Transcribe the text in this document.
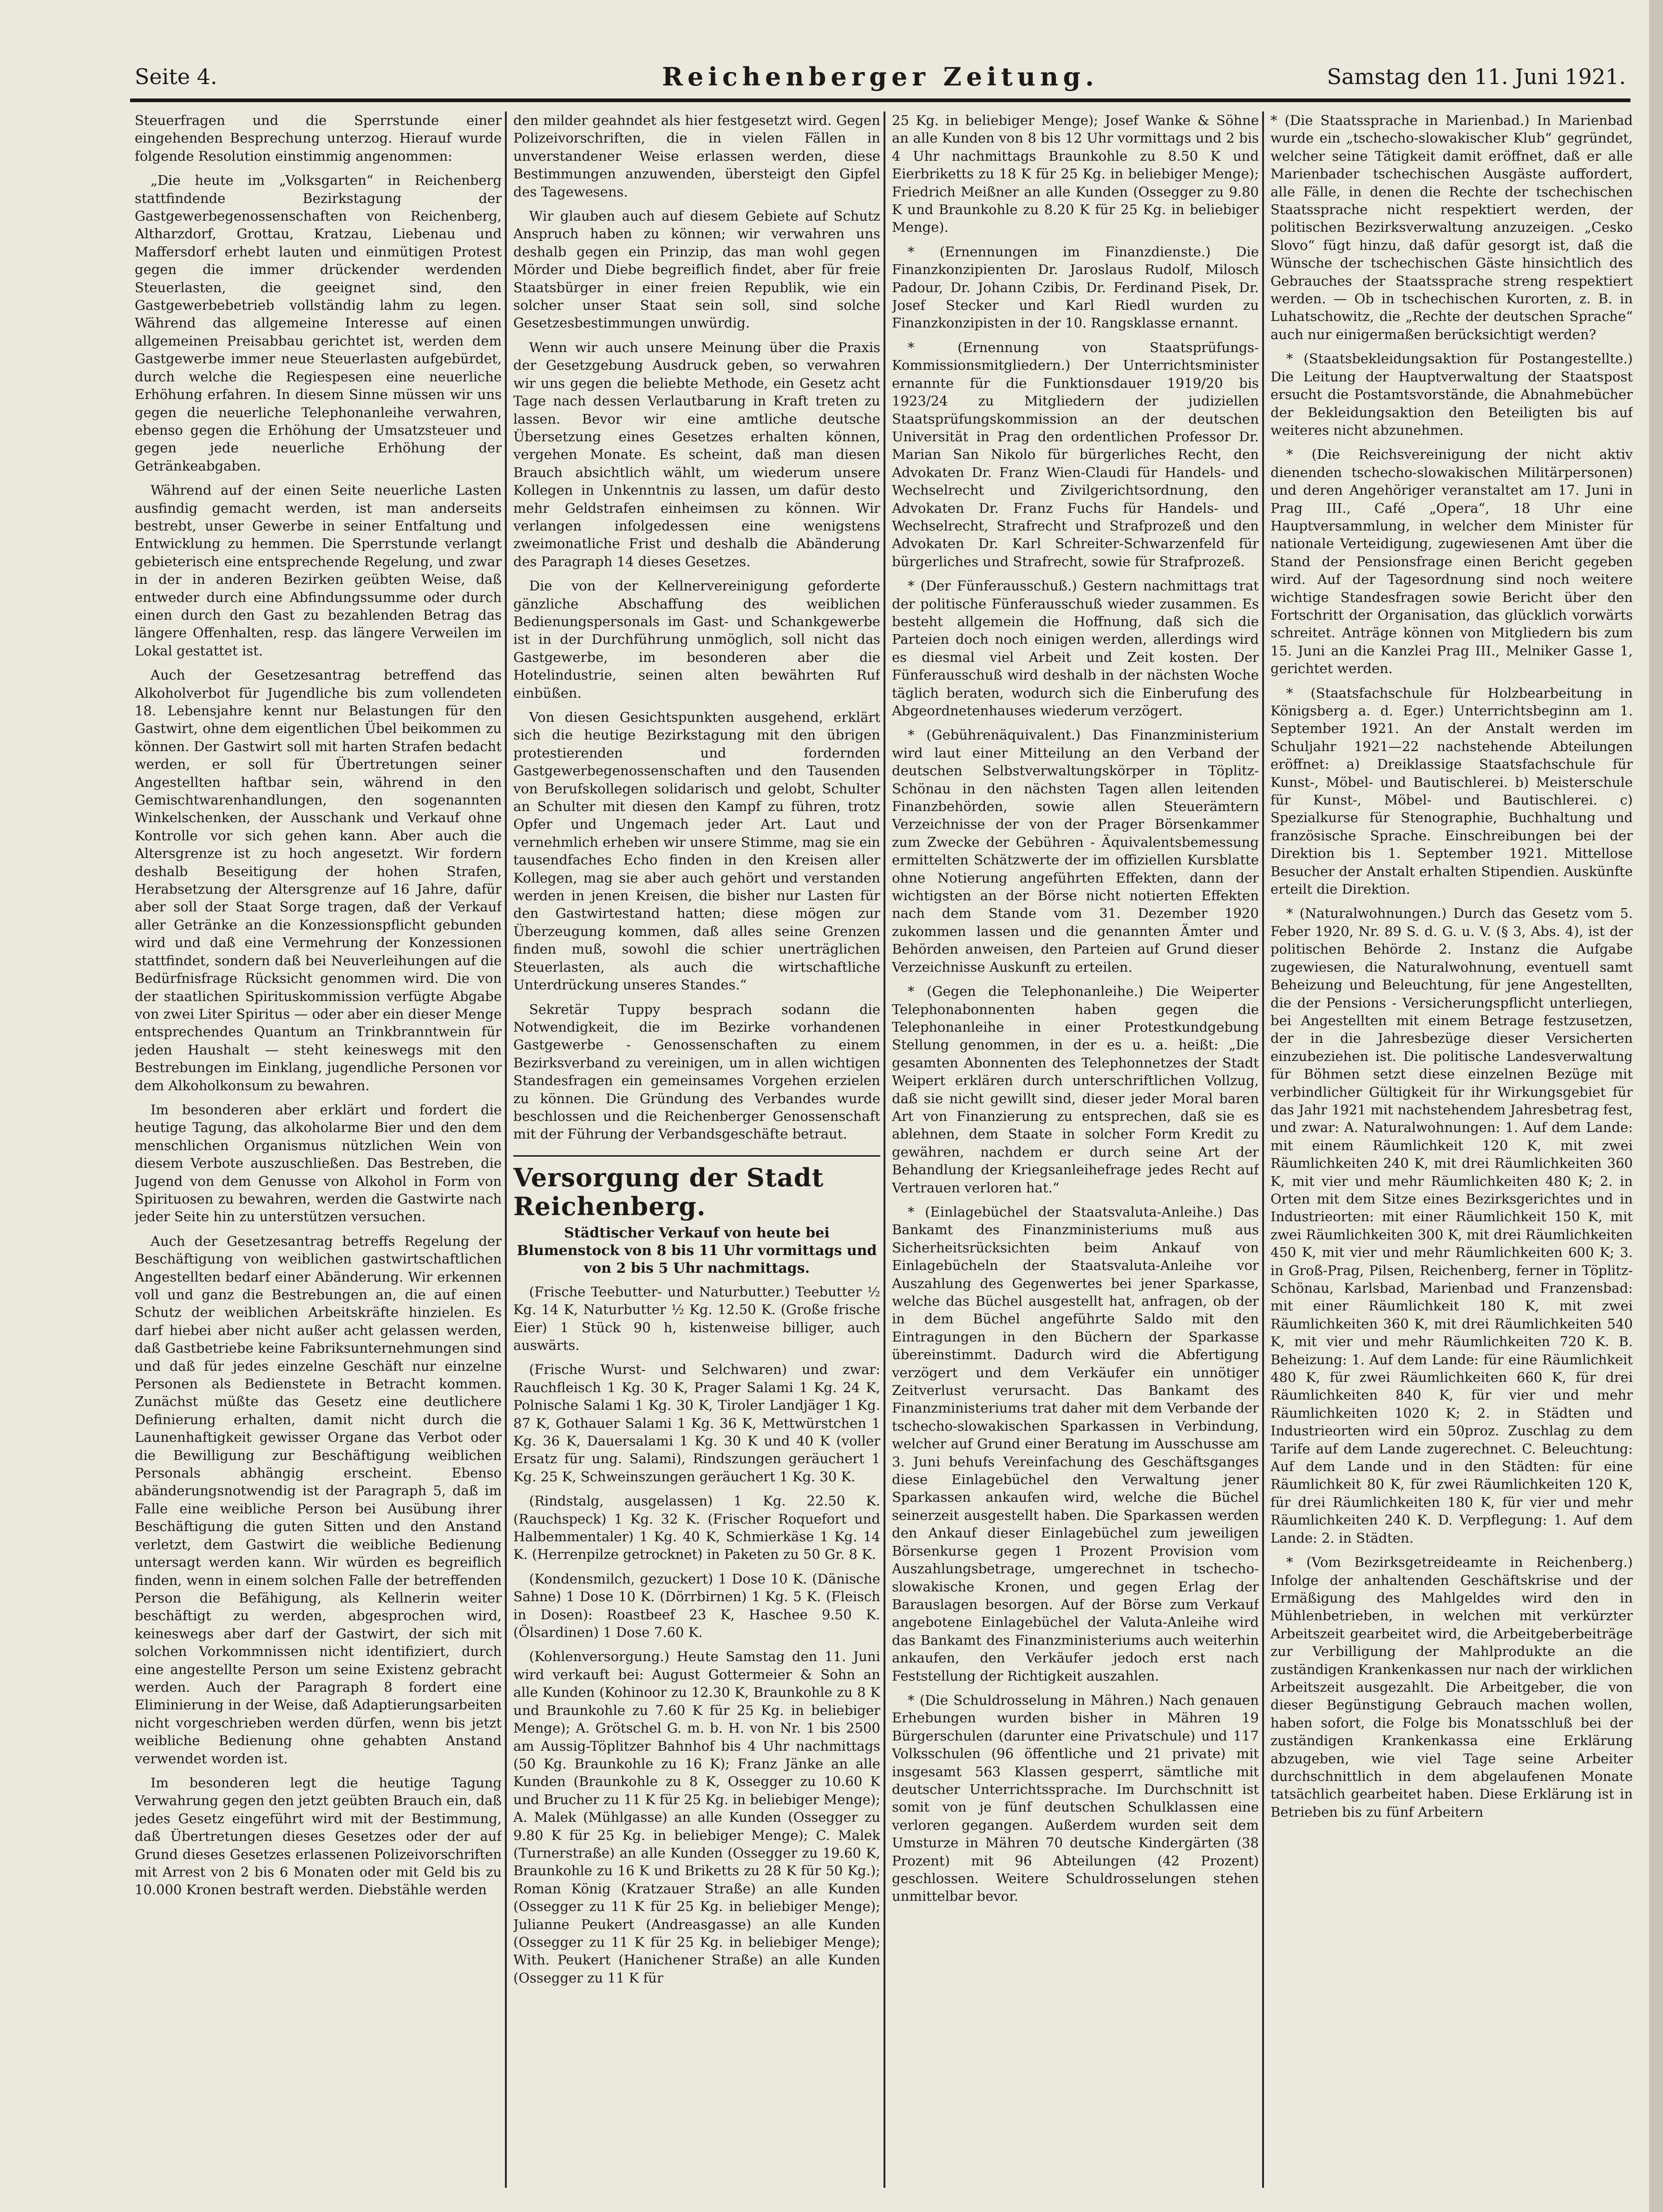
Seite 4.	Reichenberger Zeitung.	Samstag den 11. Juni 1921.

Steuerfragen und die Sperrstunde einer eingehenden Besprechung unterzog. Hierauf wurde folgende Resolution einstimmig angenommen:

„Die heute im „Volksgarten“ in Reichenberg stattfindende Bezirkstagung der Gastgewerbegenossenschaften von Reichenberg, Altharzdorf, Grottau, Kratzau, Liebenau und Maffersdorf erhebt lauten und einmütigen Protest gegen die immer drückender werdenden Steuerlasten, die geeignet sind, den Gastgewerbebetrieb vollständig lahm zu legen. Während das allgemeine Interesse auf einen allgemeinen Preisabbau gerichtet ist, werden dem Gastgewerbe immer neue Steuerlasten aufgebürdet, durch welche die Regiespesen eine neuerliche Erhöhung erfahren. In diesem Sinne müssen wir uns gegen die neuerliche Telephonanleihe verwahren, ebenso gegen die Erhöhung der Umsatzsteuer und gegen jede neuerliche Erhöhung der Getränkeabgaben.

Während auf der einen Seite neuerliche Lasten ausfindig gemacht werden, ist man anderseits bestrebt, unser Gewerbe in seiner Entfaltung und Entwicklung zu hemmen. Die Sperrstunde verlangt gebieterisch eine entsprechende Regelung, und zwar in der in anderen Bezirken geübten Weise, daß entweder durch eine Abfindungssumme oder durch einen durch den Gast zu bezahlenden Betrag das längere Offenhalten, resp. das längere Verweilen im Lokal gestattet ist.

Auch der Gesetzesantrag betreffend das Alkoholverbot für Jugendliche bis zum vollendeten 18. Lebensjahre kennt nur Belastungen für den Gastwirt, ohne dem eigentlichen Übel beikommen zu können. Der Gastwirt soll mit harten Strafen bedacht werden, er soll für Übertretungen seiner Angestellten haftbar sein, während in den Gemischtwarenhandlungen, den sogenannten Winkelschenken, der Ausschank und Verkauf ohne Kontrolle vor sich gehen kann. Aber auch die Altersgrenze ist zu hoch angesetzt. Wir fordern deshalb Beseitigung der hohen Strafen, Herabsetzung der Altersgrenze auf 16 Jahre, dafür aber soll der Staat Sorge tragen, daß der Verkauf aller Getränke an die Konzessionspflicht gebunden wird und daß eine Vermehrung der Konzessionen stattfindet, sondern daß bei Neuverleihungen auf die Bedürfnisfrage Rücksicht genommen wird. Die von der staatlichen Spirituskommission verfügte Abgabe von zwei Liter Spiritus — oder aber ein dieser Menge entsprechendes Quantum an Trinkbranntwein für jeden Haushalt — steht keineswegs mit den Bestrebungen im Einklang, jugendliche Personen vor dem Alkoholkonsum zu bewahren.

Im besonderen aber erklärt und fordert die heutige Tagung, das alkoholarme Bier und den dem menschlichen Organismus nützlichen Wein von diesem Verbote auszuschließen. Das Bestreben, die Jugend von dem Genusse von Alkohol in Form von Spirituosen zu bewahren, werden die Gastwirte nach jeder Seite hin zu unterstützen versuchen.

Auch der Gesetzesantrag betreffs Regelung der Beschäftigung von weiblichen gastwirtschaftlichen Angestellten bedarf einer Abänderung. Wir erkennen voll und ganz die Bestrebungen an, die auf einen Schutz der weiblichen Arbeitskräfte hinzielen. Es darf hiebei aber nicht außer acht gelassen werden, daß Gastbetriebe keine Fabriksunternehmungen sind und daß für jedes einzelne Geschäft nur einzelne Personen als Bedienstete in Betracht kommen. Zunächst müßte das Gesetz eine deutlichere Definierung erhalten, damit nicht durch die Launenhaftigkeit gewisser Organe das Verbot oder die Bewilligung zur Beschäftigung weiblichen Personals abhängig erscheint. Ebenso abänderungsnotwendig ist der Paragraph 5, daß im Falle eine weibliche Person bei Ausübung ihrer Beschäftigung die guten Sitten und den Anstand verletzt, dem Gastwirt die weibliche Bedienung untersagt werden kann. Wir würden es begreiflich finden, wenn in einem solchen Falle der betreffenden Person die Befähigung, als Kellnerin weiter beschäftigt zu werden, abgesprochen wird, keineswegs aber darf der Gastwirt, der sich mit solchen Vorkommnissen nicht identifiziert, durch eine angestellte Person um seine Existenz gebracht werden. Auch der Paragraph 8 fordert eine Eliminierung in der Weise, daß Adaptierungsarbeiten nicht vorgeschrieben werden dürfen, wenn bis jetzt weibliche Bedienung ohne gehabten Anstand verwendet worden ist.

Im besonderen legt die heutige Tagung Verwahrung gegen den jetzt geübten Brauch ein, daß jedes Gesetz eingeführt wird mit der Bestimmung, daß Übertretungen dieses Gesetzes oder der auf Grund dieses Gesetzes erlassenen Polizeivorschriften mit Arrest von 2 bis 6 Monaten oder mit Geld bis zu 10.000 Kronen bestraft werden. Diebstähle werden

den milder geahndet als hier festgesetzt wird. Gegen Polizeivorschriften, die in vielen Fällen in unverstandener Weise erlassen werden, diese Bestimmungen anzuwenden, übersteigt den Gipfel des Tagewesens.

Wir glauben auch auf diesem Gebiete auf Schutz Anspruch haben zu können; wir verwahren uns deshalb gegen ein Prinzip, das man wohl gegen Mörder und Diebe begreiflich findet, aber für freie Staatsbürger in einer freien Republik, wie ein solcher unser Staat sein soll, sind solche Gesetzesbestimmungen unwürdig.

Wenn wir auch unsere Meinung über die Praxis der Gesetzgebung Ausdruck geben, so verwahren wir uns gegen die beliebte Methode, ein Gesetz acht Tage nach dessen Verlautbarung in Kraft treten zu lassen. Bevor wir eine amtliche deutsche Übersetzung eines Gesetzes erhalten können, vergehen Monate. Es scheint, daß man diesen Brauch absichtlich wählt, um wiederum unsere Kollegen in Unkenntnis zu lassen, um dafür desto mehr Geldstrafen einheimsen zu können. Wir verlangen infolgedessen eine wenigstens zweimonatliche Frist und deshalb die Abänderung des Paragraph 14 dieses Gesetzes.

Die von der Kellnervereinigung geforderte gänzliche Abschaffung des weiblichen Bedienungspersonals im Gast- und Schankgewerbe ist in der Durchführung unmöglich, soll nicht das Gastgewerbe, im besonderen aber die Hotelindustrie, seinen alten bewährten Ruf einbüßen.

Von diesen Gesichtspunkten ausgehend, erklärt sich die heutige Bezirkstagung mit den übrigen protestierenden und fordernden Gastgewerbegenossenschaften und den Tausenden von Berufskollegen solidarisch und gelobt, Schulter an Schulter mit diesen den Kampf zu führen, trotz Opfer und Ungemach jeder Art. Laut und vernehmlich erheben wir unsere Stimme, mag sie ein tausendfaches Echo finden in den Kreisen aller Kollegen, mag sie aber auch gehört und verstanden werden in jenen Kreisen, die bisher nur Lasten für den Gastwirtestand hatten; diese mögen zur Überzeugung kommen, daß alles seine Grenzen finden muß, sowohl die schier unerträglichen Steuerlasten, als auch die wirtschaftliche Unterdrückung unseres Standes.“

Sekretär Tuppy besprach sodann die Notwendigkeit, die im Bezirke vorhandenen Gastgewerbe - Genossenschaften zu einem Bezirksverband zu vereinigen, um in allen wichtigen Standesfragen ein gemeinsames Vorgehen erzielen zu können. Die Gründung des Verbandes wurde beschlossen und die Reichenberger Genossenschaft mit der Führung der Verbandsgeschäfte betraut.

Versorgung der Stadt Reichenberg.
Städtischer Verkauf von heute bei Blumenstock von 8 bis 11 Uhr vormittags und von 2 bis 5 Uhr nachmittags.

(Frische Teebutter- und Naturbutter.) Teebutter ½ Kg. 14 K, Naturbutter ½ Kg. 12.50 K. (Große frische Eier) 1 Stück 90 h, kistenweise billiger, auch auswärts.

(Frische Wurst- und Selchwaren) und zwar: Rauchfleisch 1 Kg. 30 K, Prager Salami 1 Kg. 24 K, Polnische Salami 1 Kg. 30 K, Tiroler Landjäger 1 Kg. 87 K, Gothauer Salami 1 Kg. 36 K, Mettwürstchen 1 Kg. 36 K, Dauersalami 1 Kg. 30 K und 40 K (voller Ersatz für ung. Salami), Rindszungen geräuchert 1 Kg. 25 K, Schweinszungen geräuchert 1 Kg. 30 K.

(Rindstalg, ausgelassen) 1 Kg. 22.50 K. (Rauchspeck) 1 Kg. 32 K. (Frischer Roquefort und Halbemmentaler) 1 Kg. 40 K, Schmierkäse 1 Kg. 14 K. (Herrenpilze getrocknet) in Paketen zu 50 Gr. 8 K.

(Kondensmilch, gezuckert) 1 Dose 10 K. (Dänische Sahne) 1 Dose 10 K. (Dörrbirnen) 1 Kg. 5 K. (Fleisch in Dosen): Roastbeef 23 K, Haschee 9.50 K. (Ölsardinen) 1 Dose 7.60 K.

(Kohlenversorgung.) Heute Samstag den 11. Juni wird verkauft bei: August Gottermeier & Sohn an alle Kunden (Kohinoor zu 12.30 K, Braunkohle zu 8 K und Braunkohle zu 7.60 K für 25 Kg. in beliebiger Menge); A. Grötschel G. m. b. H. von Nr. 1 bis 2500 am Aussig-Töplitzer Bahnhof bis 4 Uhr nachmittags (50 Kg. Braunkohle zu 16 K); Franz Jänke an alle Kunden (Braunkohle zu 8 K, Ossegger zu 10.60 K und Brucher zu 11 K für 25 Kg. in beliebiger Menge); A. Malek (Mühlgasse) an alle Kunden (Ossegger zu 9.80 K für 25 Kg. in beliebiger Menge); C. Malek (Turnerstraße) an alle Kunden (Ossegger zu 19.60 K, Braunkohle zu 16 K und Briketts zu 28 K für 50 Kg.); Roman König (Kratzauer Straße) an alle Kunden (Ossegger zu 11 K für 25 Kg. in beliebiger Menge); Julianne Peukert (Andreasgasse) an alle Kunden (Ossegger zu 11 K für 25 Kg. in beliebiger Menge); With. Peukert (Hanichener Straße) an alle Kunden (Ossegger zu 11 K für

25 Kg. in beliebiger Menge); Josef Wanke & Söhne an alle Kunden von 8 bis 12 Uhr vormittags und 2 bis 4 Uhr nachmittags Braunkohle zu 8.50 K und Eierbriketts zu 18 K für 25 Kg. in beliebiger Menge); Friedrich Meißner an alle Kunden (Ossegger zu 9.80 K und Braunkohle zu 8.20 K für 25 Kg. in beliebiger Menge).

* (Ernennungen im Finanzdienste.) Die Finanzkonzipienten Dr. Jaroslaus Rudolf, Milosch Padour, Dr. Johann Czibis, Dr. Ferdinand Pisek, Dr. Josef Stecker und Karl Riedl wurden zu Finanzkonzipisten in der 10. Rangsklasse ernannt.

* (Ernennung von Staatsprüfungs-Kommissionsmitgliedern.) Der Unterrichtsminister ernannte für die Funktionsdauer 1919/20 bis 1923/24 zu Mitgliedern der judiziellen Staatsprüfungskommission an der deutschen Universität in Prag den ordentlichen Professor Dr. Marian San Nikolo für bürgerliches Recht, den Advokaten Dr. Franz Wien-Claudi für Handels- und Wechselrecht und Zivilgerichtsordnung, den Advokaten Dr. Franz Fuchs für Handels- und Wechselrecht, Strafrecht und Strafprozeß und den Advokaten Dr. Karl Schreiter-Schwarzenfeld für bürgerliches und Strafrecht, sowie für Strafprozeß.

* (Der Fünferausschuß.) Gestern nachmittags trat der politische Fünferausschuß wieder zusammen. Es besteht allgemein die Hoffnung, daß sich die Parteien doch noch einigen werden, allerdings wird es diesmal viel Arbeit und Zeit kosten. Der Fünferausschuß wird deshalb in der nächsten Woche täglich beraten, wodurch sich die Einberufung des Abgeordnetenhauses wiederum verzögert.

* (Gebührenäquivalent.) Das Finanzministerium wird laut einer Mitteilung an den Verband der deutschen Selbstverwaltungskörper in Töplitz-Schönau in den nächsten Tagen allen leitenden Finanzbehörden, sowie allen Steuerämtern Verzeichnisse der von der Prager Börsenkammer zum Zwecke der Gebühren - Äquivalentsbemessung ermittelten Schätzwerte der im offiziellen Kursblatte ohne Notierung angeführten Effekten, dann der wichtigsten an der Börse nicht notierten Effekten nach dem Stande vom 31. Dezember 1920 zukommen lassen und die genannten Ämter und Behörden anweisen, den Parteien auf Grund dieser Verzeichnisse Auskunft zu erteilen.

* (Gegen die Telephonanleihe.) Die Weiperter Telephonabonnenten haben gegen die Telephonanleihe in einer Protestkundgebung Stellung genommen, in der es u. a. heißt: „Die gesamten Abonnenten des Telephonnetzes der Stadt Weipert erklären durch unterschriftlichen Vollzug, daß sie nicht gewillt sind, dieser jeder Moral baren Art von Finanzierung zu entsprechen, daß sie es ablehnen, dem Staate in solcher Form Kredit zu gewähren, nachdem er durch seine Art der Behandlung der Kriegsanleihefrage jedes Recht auf Vertrauen verloren hat.“

* (Einlagebüchel der Staatsvaluta-Anleihe.) Das Bankamt des Finanzministeriums muß aus Sicherheitsrücksichten beim Ankauf von Einlagebücheln der Staatsvaluta-Anleihe vor Auszahlung des Gegenwertes bei jener Sparkasse, welche das Büchel ausgestellt hat, anfragen, ob der in dem Büchel angeführte Saldo mit den Eintragungen in den Büchern der Sparkasse übereinstimmt. Dadurch wird die Abfertigung verzögert und dem Verkäufer ein unnötiger Zeitverlust verursacht. Das Bankamt des Finanzministeriums trat daher mit dem Verbande der tschecho-slowakischen Sparkassen in Verbindung, welcher auf Grund einer Beratung im Ausschusse am 3. Juni behufs Vereinfachung des Geschäftsganges diese Einlagebüchel den Verwaltung jener Sparkassen ankaufen wird, welche die Büchel seinerzeit ausgestellt haben. Die Sparkassen werden den Ankauf dieser Einlagebüchel zum jeweiligen Börsenkurse gegen 1 Prozent Provision vom Auszahlungsbetrage, umgerechnet in tschecho-slowakische Kronen, und gegen Erlag der Barauslagen besorgen. Auf der Börse zum Verkauf angebotene Einlagebüchel der Valuta-Anleihe wird das Bankamt des Finanzministeriums auch weiterhin ankaufen, den Verkäufer jedoch erst nach Feststellung der Richtigkeit auszahlen.

* (Die Schuldrosselung in Mähren.) Nach genauen Erhebungen wurden bisher in Mähren 19 Bürgerschulen (darunter eine Privatschule) und 117 Volksschulen (96 öffentliche und 21 private) mit insgesamt 563 Klassen gesperrt, sämtliche mit deutscher Unterrichtssprache. Im Durchschnitt ist somit von je fünf deutschen Schulklassen eine verloren gegangen. Außerdem wurden seit dem Umsturze in Mähren 70 deutsche Kindergärten (38 Prozent) mit 96 Abteilungen (42 Prozent) geschlossen. Weitere Schuldrosselungen stehen unmittelbar bevor.

* (Die Staatssprache in Marienbad.) In Marienbad wurde ein „tschecho-slowakischer Klub“ gegründet, welcher seine Tätigkeit damit eröffnet, daß er alle Marienbader tschechischen Ausgäste auffordert, alle Fälle, in denen die Rechte der tschechischen Staatssprache nicht respektiert werden, der politischen Bezirksverwaltung anzuzeigen. „Cesko Slovo“ fügt hinzu, daß dafür gesorgt ist, daß die Wünsche der tschechischen Gäste hinsichtlich des Gebrauches der Staatssprache streng respektiert werden. — Ob in tschechischen Kurorten, z. B. in Luhatschowitz, die „Rechte der deutschen Sprache“ auch nur einigermaßen berücksichtigt werden?

* (Staatsbekleidungsaktion für Postangestellte.) Die Leitung der Hauptverwaltung der Staatspost ersucht die Postamtsvorstände, die Abnahmebücher der Bekleidungsaktion den Beteiligten bis auf weiteres nicht abzunehmen.

* (Die Reichsvereinigung der nicht aktiv dienenden tschecho-slowakischen Militärpersonen) und deren Angehöriger veranstaltet am 17. Juni in Prag III., Café „Opera“, 18 Uhr eine Hauptversammlung, in welcher dem Minister für nationale Verteidigung, zugewiesenen Amt über die Stand der Pensionsfrage einen Bericht gegeben wird. Auf der Tagesordnung sind noch weitere wichtige Standesfragen sowie Bericht über den Fortschritt der Organisation, das glücklich vorwärts schreitet. Anträge können von Mitgliedern bis zum 15. Juni an die Kanzlei Prag III., Melniker Gasse 1, gerichtet werden.

* (Staatsfachschule für Holzbearbeitung in Königsberg a. d. Eger.) Unterrichtsbeginn am 1. September 1921. An der Anstalt werden im Schuljahr 1921—22 nachstehende Abteilungen eröffnet: a) Dreiklassige Staatsfachschule für Kunst-, Möbel- und Bautischlerei. b) Meisterschule für Kunst-, Möbel- und Bautischlerei. c) Spezialkurse für Stenographie, Buchhaltung und französische Sprache. Einschreibungen bei der Direktion bis 1. September 1921. Mittellose Besucher der Anstalt erhalten Stipendien. Auskünfte erteilt die Direktion.

* (Naturalwohnungen.) Durch das Gesetz vom 5. Feber 1920, Nr. 89 S. d. G. u. V. (§ 3, Abs. 4), ist der politischen Behörde 2. Instanz die Aufgabe zugewiesen, die Naturalwohnung, eventuell samt Beheizung und Beleuchtung, für jene Angestellten, die der Pensions - Versicherungspflicht unterliegen, bei Angestellten mit einem Betrage festzusetzen, der in die Jahresbezüge dieser Versicherten einzubeziehen ist. Die politische Landesverwaltung für Böhmen setzt diese einzelnen Bezüge mit verbindlicher Gültigkeit für ihr Wirkungsgebiet für das Jahr 1921 mit nachstehendem Jahresbetrag fest, und zwar: A. Naturalwohnungen: 1. Auf dem Lande: mit einem Räumlichkeit 120 K, mit zwei Räumlichkeiten 240 K, mit drei Räumlichkeiten 360 K, mit vier und mehr Räumlichkeiten 480 K; 2. in Orten mit dem Sitze eines Bezirksgerichtes und in Industrieorten: mit einer Räumlichkeit 150 K, mit zwei Räumlichkeiten 300 K, mit drei Räumlichkeiten 450 K, mit vier und mehr Räumlichkeiten 600 K; 3. in Groß-Prag, Pilsen, Reichenberg, ferner in Töplitz-Schönau, Karlsbad, Marienbad und Franzensbad: mit einer Räumlichkeit 180 K, mit zwei Räumlichkeiten 360 K, mit drei Räumlichkeiten 540 K, mit vier und mehr Räumlichkeiten 720 K. B. Beheizung: 1. Auf dem Lande: für eine Räumlichkeit 480 K, für zwei Räumlichkeiten 660 K, für drei Räumlichkeiten 840 K, für vier und mehr Räumlichkeiten 1020 K; 2. in Städten und Industrieorten wird ein 50proz. Zuschlag zu dem Tarife auf dem Lande zugerechnet. C. Beleuchtung: Auf dem Lande und in den Städten: für eine Räumlichkeit 80 K, für zwei Räumlichkeiten 120 K, für drei Räumlichkeiten 180 K, für vier und mehr Räumlichkeiten 240 K. D. Verpflegung: 1. Auf dem Lande: 2. in Städten.

* (Vom Bezirksgetreideamte in Reichenberg.) Infolge der anhaltenden Geschäftskrise und der Ermäßigung des Mahlgeldes wird den in Mühlenbetrieben, in welchen mit verkürzter Arbeitszeit gearbeitet wird, die Arbeitgeberbeiträge zur Verbilligung der Mahlprodukte an die zuständigen Krankenkassen nur nach der wirklichen Arbeitszeit ausgezahlt. Die Arbeitgeber, die von dieser Begünstigung Gebrauch machen wollen, haben sofort, die Folge bis Monatsschluß bei der zuständigen Krankenkassa eine Erklärung abzugeben, wie viel Tage seine Arbeiter durchschnittlich in dem abgelaufenen Monate tatsächlich gearbeitet haben. Diese Erklärung ist in Betrieben bis zu fünf Arbeitern
